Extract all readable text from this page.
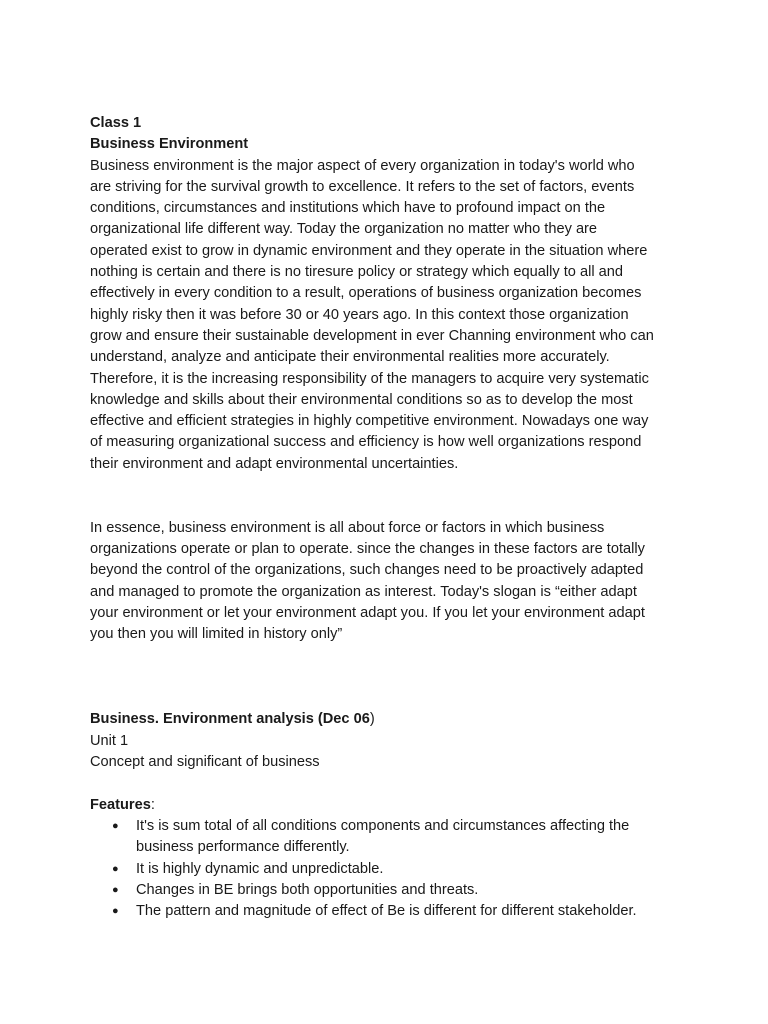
Class 1
Business Environment
Business environment is the major aspect of every organization in today's world who
are striving for the survival growth to excellence. It refers to the set of factors, events
conditions, circumstances and institutions which have to profound impact on the
organizational life different way. Today the organization no matter who they are
operated exist to grow in dynamic environment and they operate in the situation where
nothing is certain and there is no tiresure policy or strategy which equally to all and
effectively in every condition to a result, operations of business organization becomes
highly risky then it was before 30 or 40 years ago. In this context those organization
grow and ensure their sustainable development in ever Channing environment who can
understand, analyze and anticipate their environmental realities more accurately.
Therefore, it is the increasing responsibility of the managers to acquire very systematic
knowledge and skills about their environmental conditions so as to develop the most
effective and efficient strategies in highly competitive environment. Nowadays one way
of measuring organizational success and efficiency is how well organizations respond
their environment and adapt environmental uncertainties.
In essence, business environment is all about force or factors in which business
organizations operate or plan to operate. since the changes in these factors are totally
beyond the control of the organizations, such changes need to be proactively adapted
and managed to promote the organization as interest. Today's slogan is “either adapt
your environment or let your environment adapt you. If you let your environment adapt
you then you will limited in history only”
Business. Environment analysis (Dec 06)
Unit 1
Concept and significant of business
Features:
● It's is sum total of all conditions components and circumstances affecting the
business performance differently.
● It is highly dynamic and unpredictable.
● Changes in BE brings both opportunities and threats.
● The pattern and magnitude of effect of Be is different for different stakeholder.
